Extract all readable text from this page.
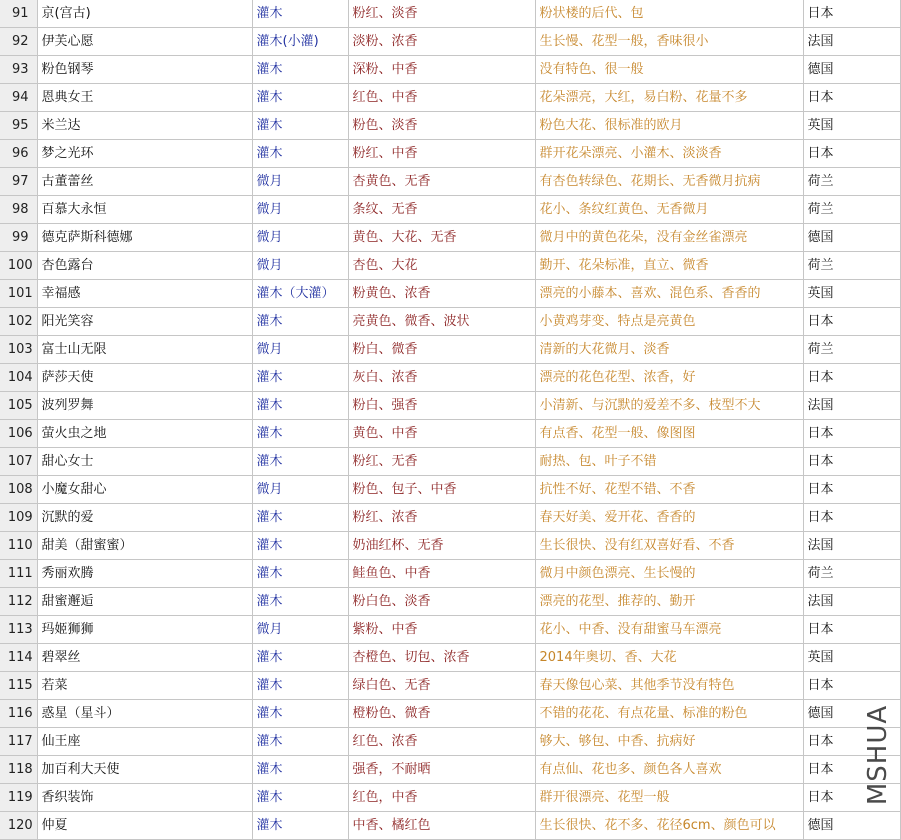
91	京(宫古)	灌木	粉红、淡香	粉状楼的后代、包	日本
92	伊芙心愿	灌木(小灌)	淡粉、浓香	生长慢、花型一般，香味很小	法国
93	粉色钢琴	灌木	深粉、中香	没有特色、很一般	德国
94	恩典女王	灌木	红色、中香	花朵漂亮，大红，易白粉、花量不多	日本
95	米兰达	灌木	粉色、淡香	粉色大花、很标准的欧月	英国
96	梦之光环	灌木	粉红、中香	群开花朵漂亮、小灌木、淡淡香	日本
97	古董蕾丝	微月	杏黄色、无香	有杏色转绿色、花期长、无香微月抗病	荷兰
98	百慕大永恒	微月	条纹、无香	花小、条纹红黄色、无香微月	荷兰
99	德克萨斯科德娜	微月	黄色、大花、无香	微月中的黄色花朵，没有金丝雀漂亮	德国
100	杏色露台	微月	杏色、大花	勤开、花朵标准，直立、微香	荷兰
101	幸福感	灌木（大灌）	粉黄色、浓香	漂亮的小藤本、喜欢、混色系、香香的	英国
102	阳光笑容	灌木	亮黄色、微香、波状	小黄鸡芽变、特点是亮黄色	日本
103	富士山无限	微月	粉白、微香	清新的大花微月、淡香	荷兰
104	萨莎天使	灌木	灰白、浓香	漂亮的花色花型、浓香，好	日本
105	波列罗舞	灌木	粉白、强香	小清新、与沉默的爱差不多、枝型不大	法国
106	萤火虫之地	灌木	黄色、中香	有点香、花型一般、像图图	日本
107	甜心女士	灌木	粉红、无香	耐热、包、叶子不错	日本
108	小魔女甜心	微月	粉色、包子、中香	抗性不好、花型不错、不香	日本
109	沉默的爱	灌木	粉红、浓香	春天好美、爱开花、香香的	日本
110	甜美（甜蜜蜜）	灌木	奶油红杯、无香	生长很快、没有红双喜好看、不香	法国
111	秀丽欢腾	灌木	鲑鱼色、中香	微月中颜色漂亮、生长慢的	荷兰
112	甜蜜邂逅	灌木	粉白色、淡香	漂亮的花型、推荐的、勤开	法国
113	玛姬狮狮	微月	紫粉、中香	花小、中香、没有甜蜜马车漂亮	日本
114	碧翠丝	灌木	杏橙色、切包、浓香	2014年奥切、香、大花	英国
115	若菜	灌木	绿白色、无香	春天像包心菜、其他季节没有特色	日本
116	惑星（星斗）	灌木	橙粉色、微香	不错的花花、有点花量、标准的粉色	德国
117	仙王座	灌木	红色、浓香	够大、够包、中香、抗病好	日本
118	加百利大天使	灌木	强香，不耐晒	有点仙、花也多、颜色各人喜欢	日本
119	香织装饰	灌木	红色，中香	群开很漂亮、花型一般	日本
120	仲夏	灌木	中香、橘红色	生长很快、花不多、花径6cm、颜色可以	德国
MSHUA
